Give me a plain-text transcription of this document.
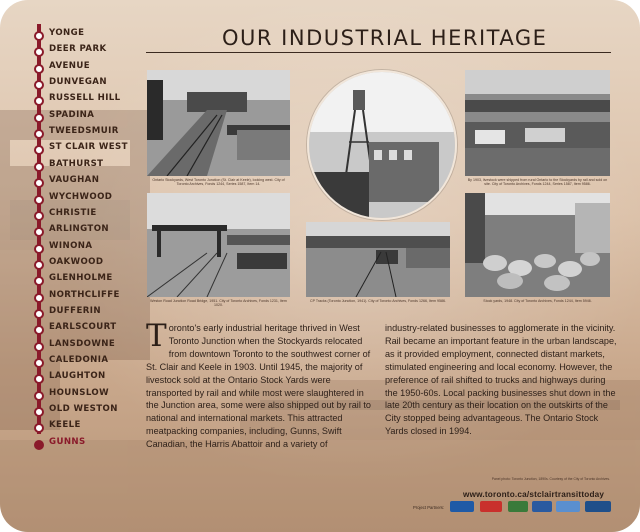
YONGE
DEER PARK
AVENUE
DUNVEGAN
RUSSELL HILL
SPADINA
TWEEDSMUIR
ST CLAIR WEST
BATHURST
VAUGHAN
WYCHWOOD
CHRISTIE
ARLINGTON
WINONA
OAKWOOD
GLENHOLME
NORTHCLIFFE
DUFFERIN
EARLSCOURT
LANSDOWNE
CALEDONIA
LAUGHTON
HOUNSLOW
OLD WESTON
KEELE
GUNNS
OUR INDUSTRIAL HERITAGE
Ontario Stockyards, West Toronto Junction (St. Clair at Keele), looking west. City of Toronto Archives, Fonds 1244, Series 1587, Item 14.
By 1903, livestock were shipped from rural Ontario to the Stockyards by rail and sold on site. City of Toronto Archives, Fonds 1244, Series 1587, Item 9586.
Weston Road Junction Road Bridge, 1951. City of Toronto Archives, Fonds 1231, Item 1020.
CP Tracks (Toronto Junction, 1941). City of Toronto Archives, Fonds 1266, Item 9586.	Stock yards, 1948. City of Toronto Archives, Fonds 1244, Item 5946.
Toronto's early industrial heritage thrived in West Toronto Junction when the Stockyards relocated from downtown Toronto to the southwest corner of St. Clair and Keele in 1903. Until 1945, the majority of livestock sold at the Ontario Stock Yards were transported by rail and while most were slaughtered in the Junction area, some were also shipped out by rail to national and international markets. This attracted meatpacking companies, including, Gunns, Swift Canadian, the Harris Abattoir and a variety of
industry-related businesses to agglomerate in the vicinity. Rail became an important feature in the urban landscape, as it provided employment, connected distant markets, stimulated engineering and local economy. However, the preference of rail shifted to trucks and highways during the 1950-60s. Local packing businesses shut down in the late 20th century as their location on the outskirts of the City stopped being advantageous. The Ontario Stock Yards closed in 1994.
Panel photo: Toronto Junction, 1890s. Courtesy of the City of Toronto Archives.
www.toronto.ca/stclairtransittoday
Project Partners:
